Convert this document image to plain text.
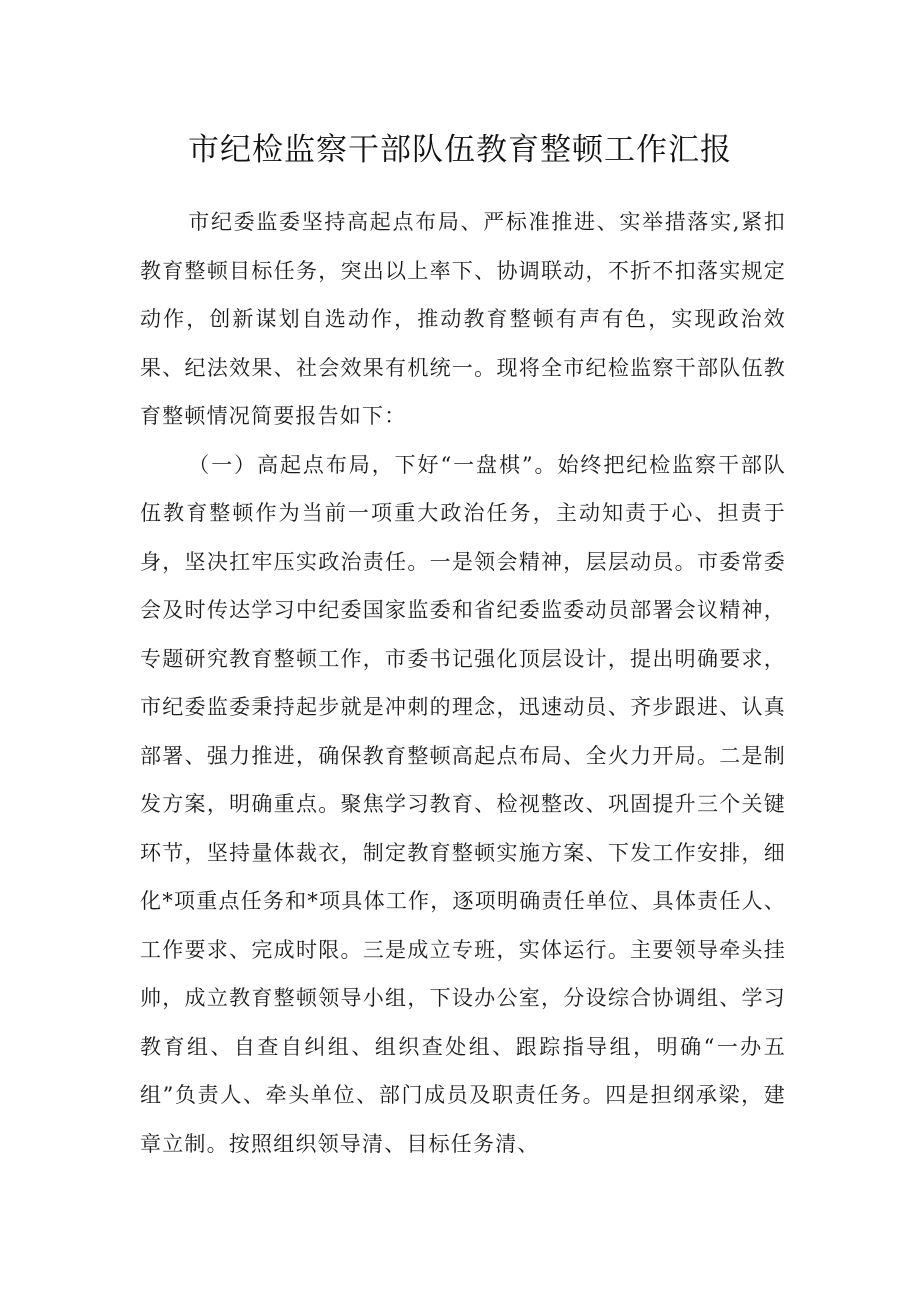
市纪检监察干部队伍教育整顿工作汇报

市纪委监委坚持高起点布局、严标准推进、实举措落实,紧扣教育整顿目标任务，突出以上率下、协调联动，不折不扣落实规定动作，创新谋划自选动作，推动教育整顿有声有色，实现政治效果、纪法效果、社会效果有机统一。现将全市纪检监察干部队伍教育整顿情况简要报告如下：

（一）高起点布局，下好“一盘棋”。始终把纪检监察干部队伍教育整顿作为当前一项重大政治任务，主动知责于心、担责于身，坚决扛牢压实政治责任。一是领会精神，层层动员。市委常委会及时传达学习中纪委国家监委和省纪委监委动员部署会议精神，专题研究教育整顿工作，市委书记强化顶层设计，提出明确要求，市纪委监委秉持起步就是冲刺的理念，迅速动员、齐步跟进、认真部署、强力推进，确保教育整顿高起点布局、全火力开局。二是制发方案，明确重点。聚焦学习教育、检视整改、巩固提升三个关键环节，坚持量体裁衣，制定教育整顿实施方案、下发工作安排，细化*项重点任务和*项具体工作，逐项明确责任单位、具体责任人、工作要求、完成时限。三是成立专班，实体运行。主要领导牵头挂帅，成立教育整顿领导小组，下设办公室，分设综合协调组、学习教育组、自查自纠组、组织查处组、跟踪指导组，明确“一办五组”负责人、牵头单位、部门成员及职责任务。四是担纲承梁，建章立制。按照组织领导清、目标任务清、
